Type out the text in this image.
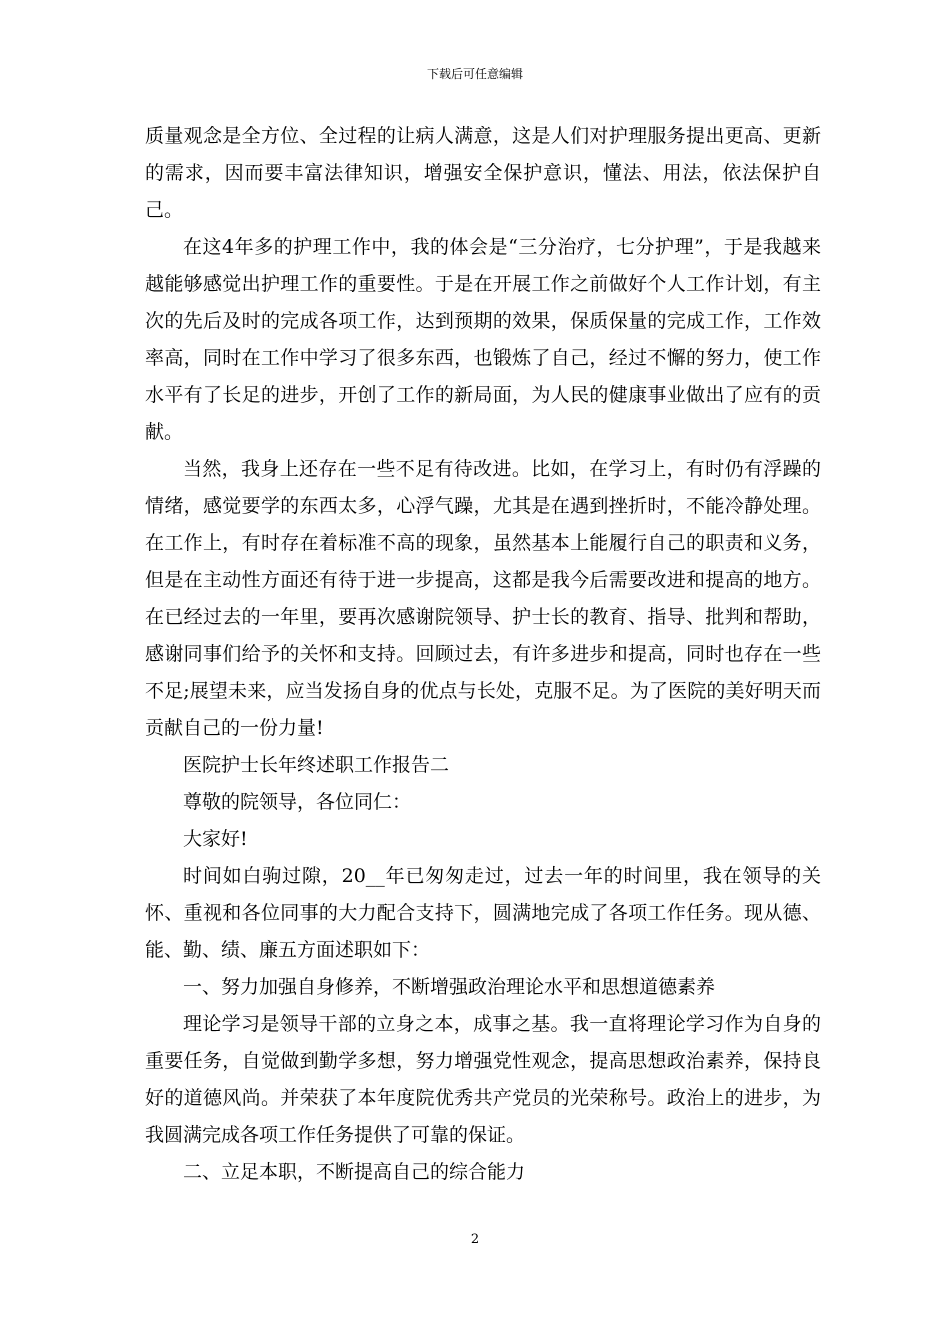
下载后可任意编辑

质量观念是全方位、全过程的让病人满意，这是人们对护理服务提出更高、更新的需求，因而要丰富法律知识，增强安全保护意识，懂法、用法，依法保护自己。

在这4年多的护理工作中，我的体会是“三分治疗，七分护理”，于是我越来越能够感觉出护理工作的重要性。于是在开展工作之前做好个人工作计划，有主次的先后及时的完成各项工作，达到预期的效果，保质保量的完成工作，工作效率高，同时在工作中学习了很多东西，也锻炼了自己，经过不懈的努力，使工作水平有了长足的进步，开创了工作的新局面，为人民的健康事业做出了应有的贡献。

当然，我身上还存在一些不足有待改进。比如，在学习上，有时仍有浮躁的情绪，感觉要学的东西太多，心浮气躁，尤其是在遇到挫折时，不能冷静处理。在工作上，有时存在着标准不高的现象，虽然基本上能履行自己的职责和义务，但是在主动性方面还有待于进一步提高，这都是我今后需要改进和提高的地方。在已经过去的一年里，要再次感谢院领导、护士长的教育、指导、批判和帮助，感谢同事们给予的关怀和支持。回顾过去，有许多进步和提高，同时也存在一些不足;展望未来，应当发扬自身的优点与长处，克服不足。为了医院的美好明天而贡献自己的一份力量!

医院护士长年终述职工作报告二

尊敬的院领导，各位同仁：

大家好!

时间如白驹过隙，20__年已匆匆走过，过去一年的时间里，我在领导的关怀、重视和各位同事的大力配合支持下，圆满地完成了各项工作任务。现从德、能、勤、绩、廉五方面述职如下：

一、努力加强自身修养，不断增强政治理论水平和思想道德素养

理论学习是领导干部的立身之本，成事之基。我一直将理论学习作为自身的重要任务，自觉做到勤学多想，努力增强党性观念，提高思想政治素养，保持良好的道德风尚。并荣获了本年度院优秀共产党员的光荣称号。政治上的进步，为我圆满完成各项工作任务提供了可靠的保证。

二、立足本职，不断提高自己的综合能力

2
